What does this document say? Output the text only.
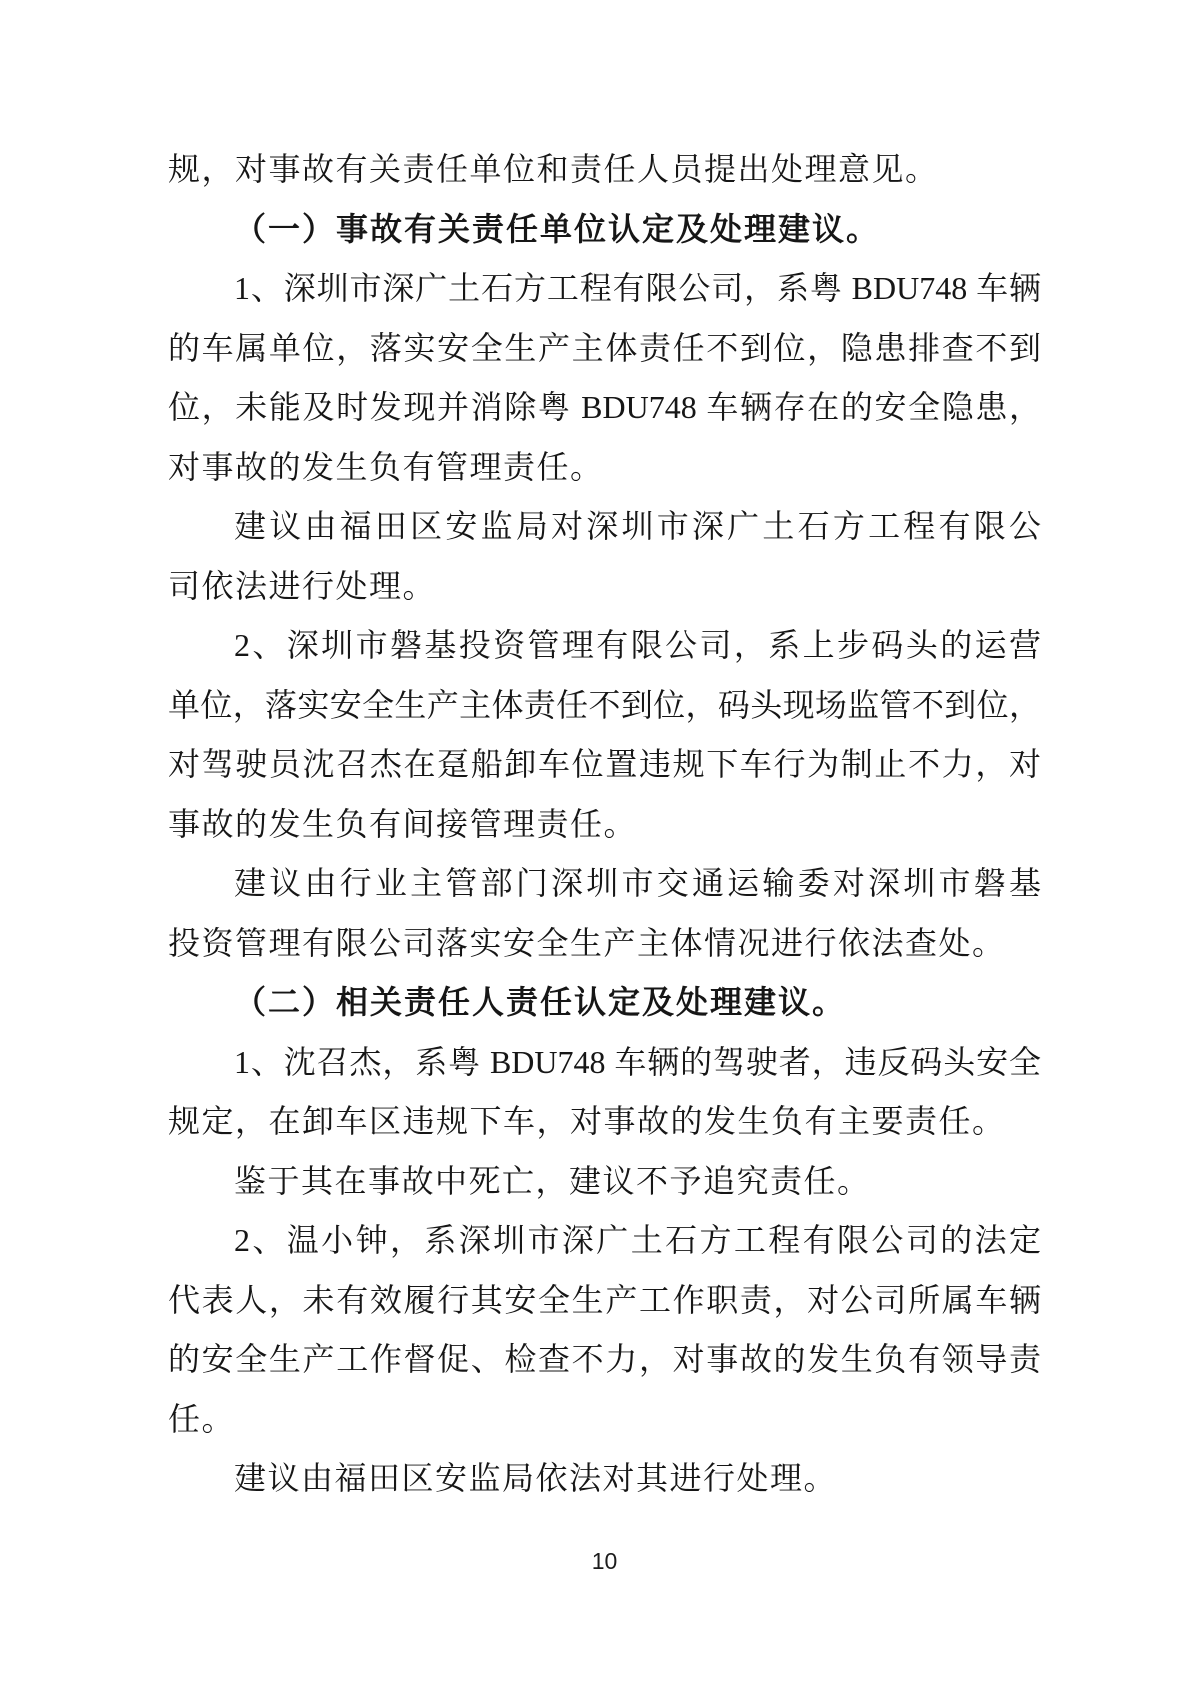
规，对事故有关责任单位和责任人员提出处理意见。
（一）事故有关责任单位认定及处理建议。
1、深圳市深广土石方工程有限公司，系粤 BDU748 车辆
的车属单位，落实安全生产主体责任不到位，隐患排查不到
位，未能及时发现并消除粤 BDU748 车辆存在的安全隐患，
对事故的发生负有管理责任。
建议由福田区安监局对深圳市深广土石方工程有限公
司依法进行处理。
2、深圳市磐基投资管理有限公司，系上步码头的运营
单位，落实安全生产主体责任不到位，码头现场监管不到位，
对驾驶员沈召杰在趸船卸车位置违规下车行为制止不力，对
事故的发生负有间接管理责任。
建议由行业主管部门深圳市交通运输委对深圳市磐基
投资管理有限公司落实安全生产主体情况进行依法查处。
（二）相关责任人责任认定及处理建议。
1、沈召杰，系粤 BDU748 车辆的驾驶者，违反码头安全
规定，在卸车区违规下车，对事故的发生负有主要责任。
鉴于其在事故中死亡，建议不予追究责任。
2、温小钟，系深圳市深广土石方工程有限公司的法定
代表人，未有效履行其安全生产工作职责，对公司所属车辆
的安全生产工作督促、检查不力，对事故的发生负有领导责
任。
建议由福田区安监局依法对其进行处理。
10
